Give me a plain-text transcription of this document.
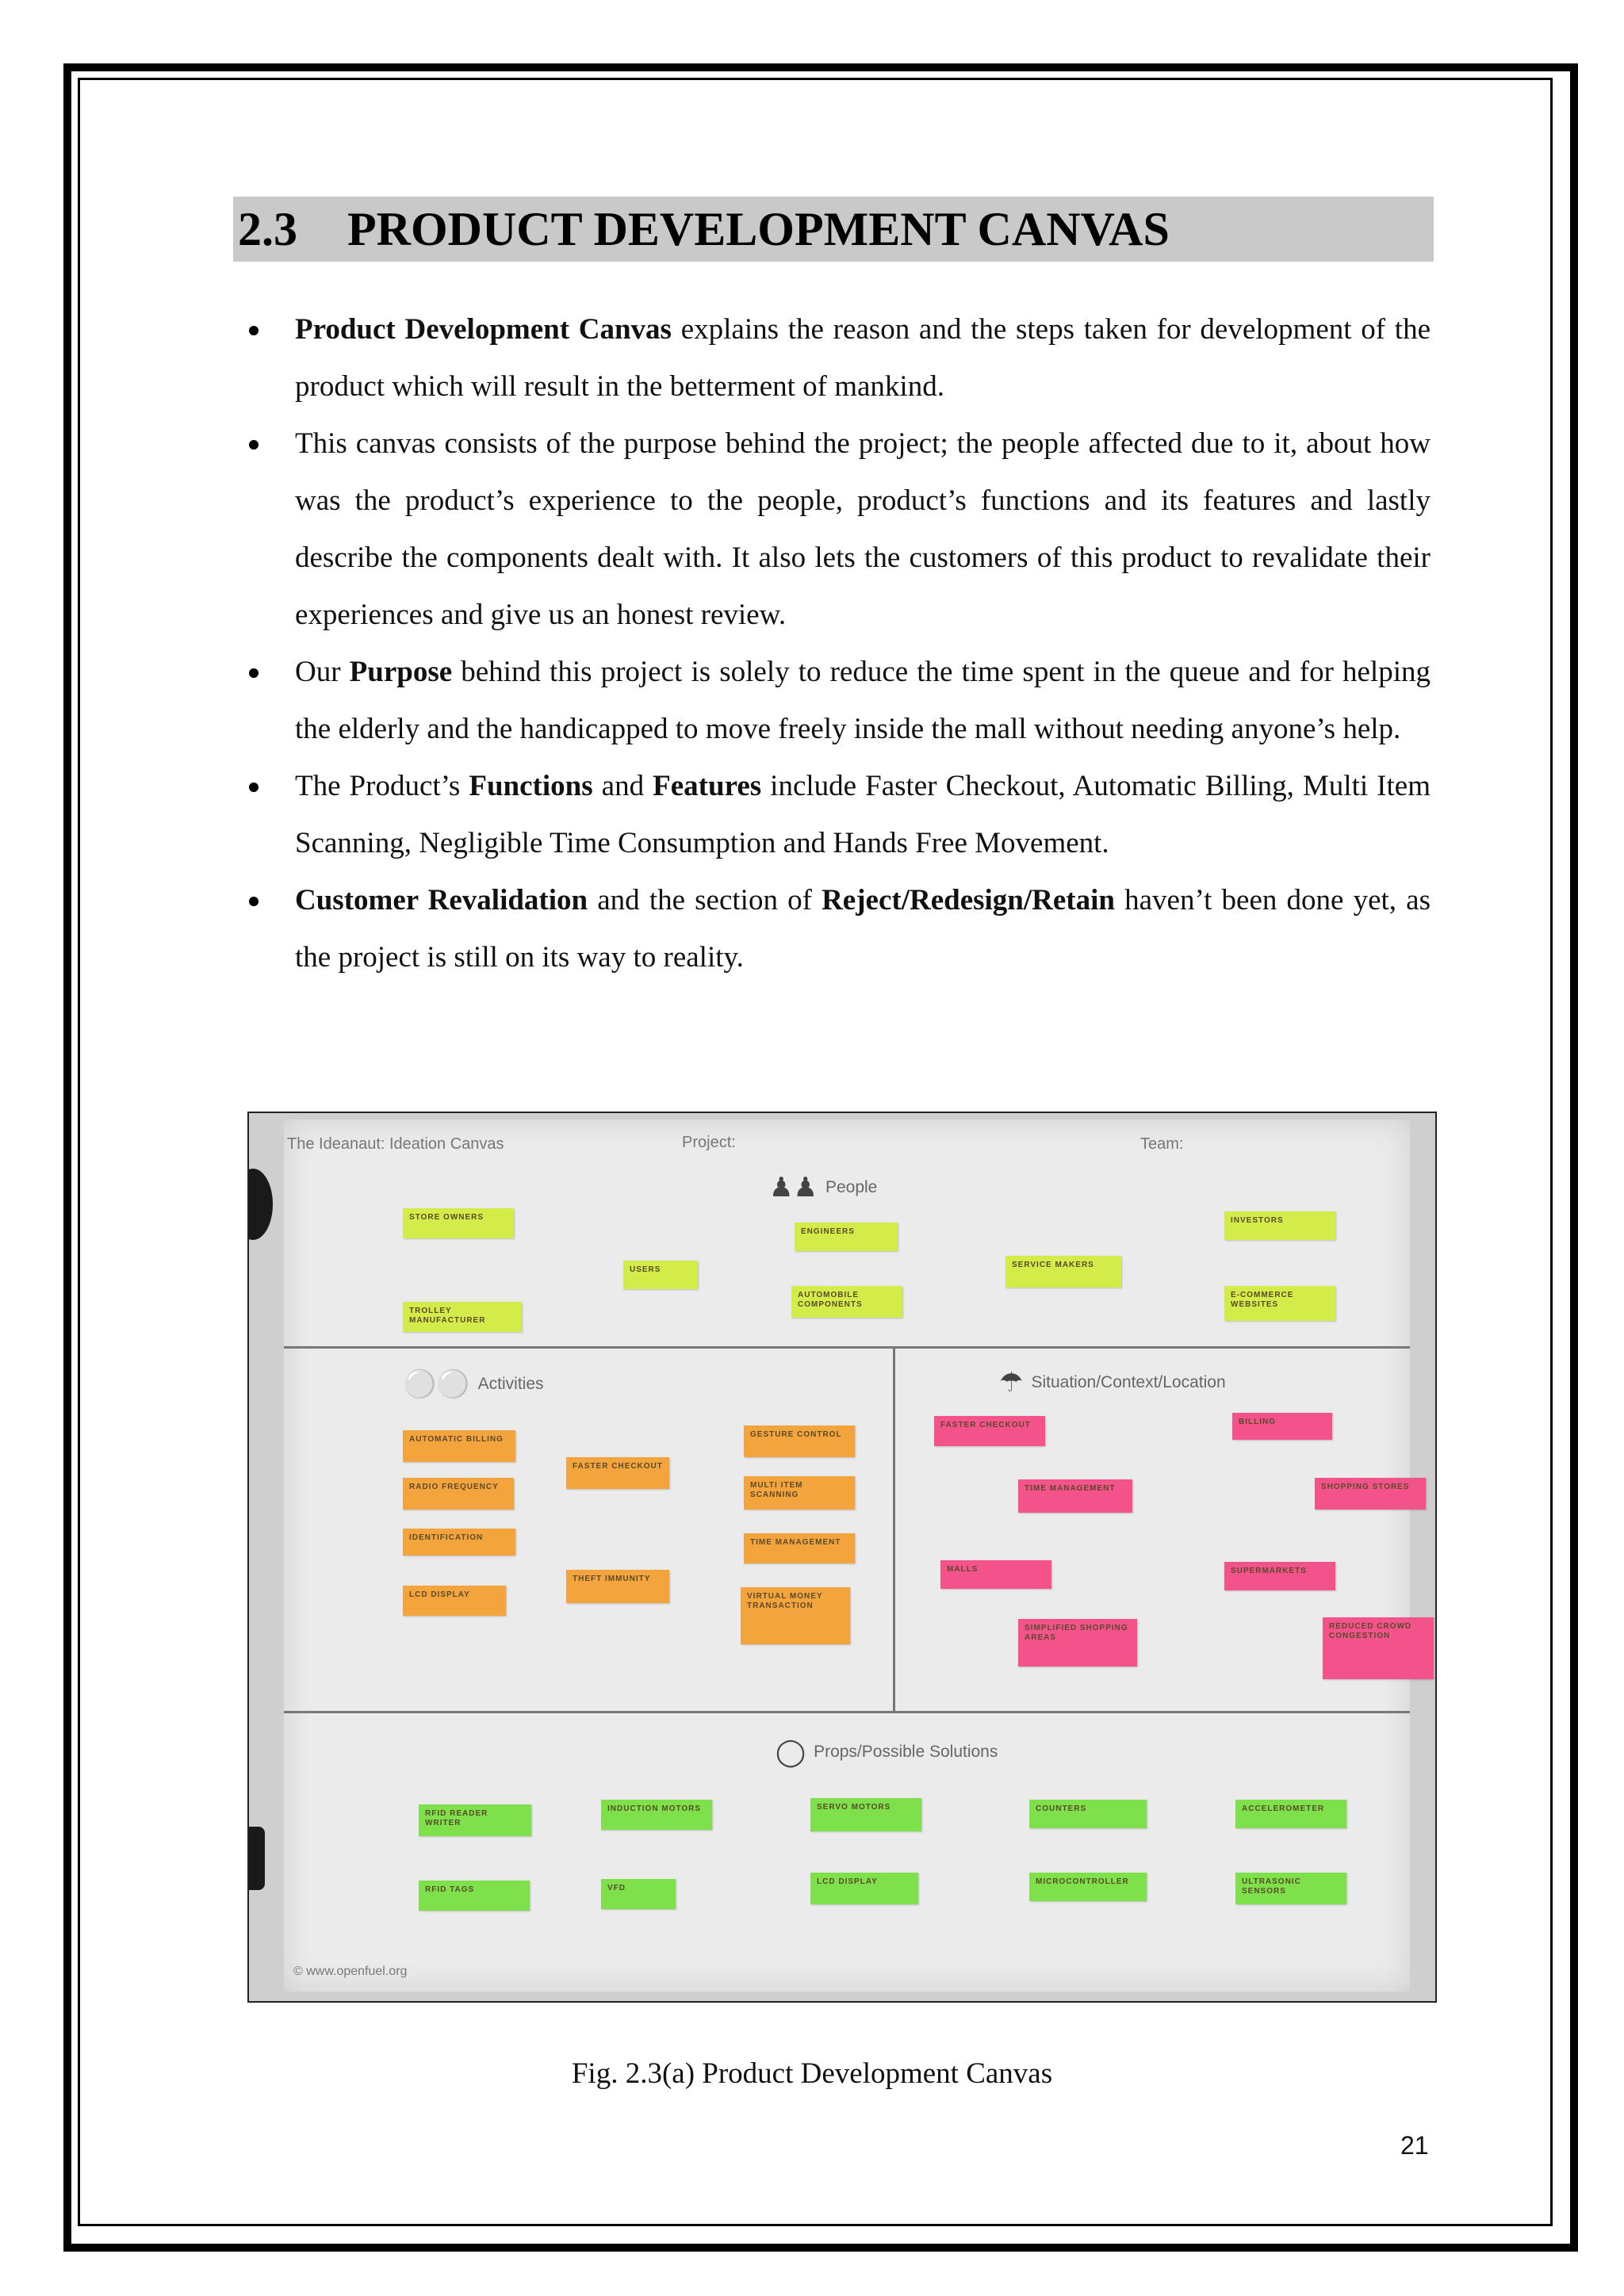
2.3	PRODUCT DEVELOPMENT CANVAS
Product Development Canvas explains the reason and the steps taken for development of the product which will result in the betterment of mankind.
This canvas consists of the purpose behind the project; the people affected due to it, about how was the product’s experience to the people, product’s functions and its features and lastly describe the components dealt with. It also lets the customers of this product to revalidate their experiences and give us an honest review.
Our Purpose behind this project is solely to reduce the time spent in the queue and for helping the elderly and the handicapped to move freely inside the mall without needing anyone’s help.
The Product’s Functions and Features include Faster Checkout, Automatic Billing, Multi Item Scanning, Negligible Time Consumption and Hands Free Movement.
Customer Revalidation and the section of Reject/Redesign/Retain haven’t been done yet, as the project is still on its way to reality.
The Ideanaut: Ideation Canvas	Project:	Team:
♟♟ People
⚪⚪ Activities	☂ Situation/Context/Location
◯ Props/Possible Solutions
STORE OWNERS
USERS
TROLLEY MANUFACTURER
ENGINEERS
AUTOMOBILE COMPONENTS
SERVICE MAKERS
INVESTORS
E-COMMERCE WEBSITES
AUTOMATIC BILLING
RADIO FREQUENCY
IDENTIFICATION
LCD DISPLAY
FASTER CHECKOUT
THEFT IMMUNITY
GESTURE CONTROL
MULTI ITEM SCANNING
TIME MANAGEMENT
VIRTUAL MONEY TRANSACTION
FASTER CHECKOUT	BILLING
TIME MANAGEMENT	SHOPPING STORES
MALLS	SUPERMARKETS
SIMPLIFIED SHOPPING AREAS
REDUCED CROWD CONGESTION
RFID READER WRITER
INDUCTION MOTORS	SERVO MOTORS	COUNTERS	ACCELEROMETER
RFID TAGS	VFD
LCD DISPLAY	MICROCONTROLLER	ULTRASONIC SENSORS
© www.openfuel.org
Fig. 2.3(a) Product Development Canvas
21
